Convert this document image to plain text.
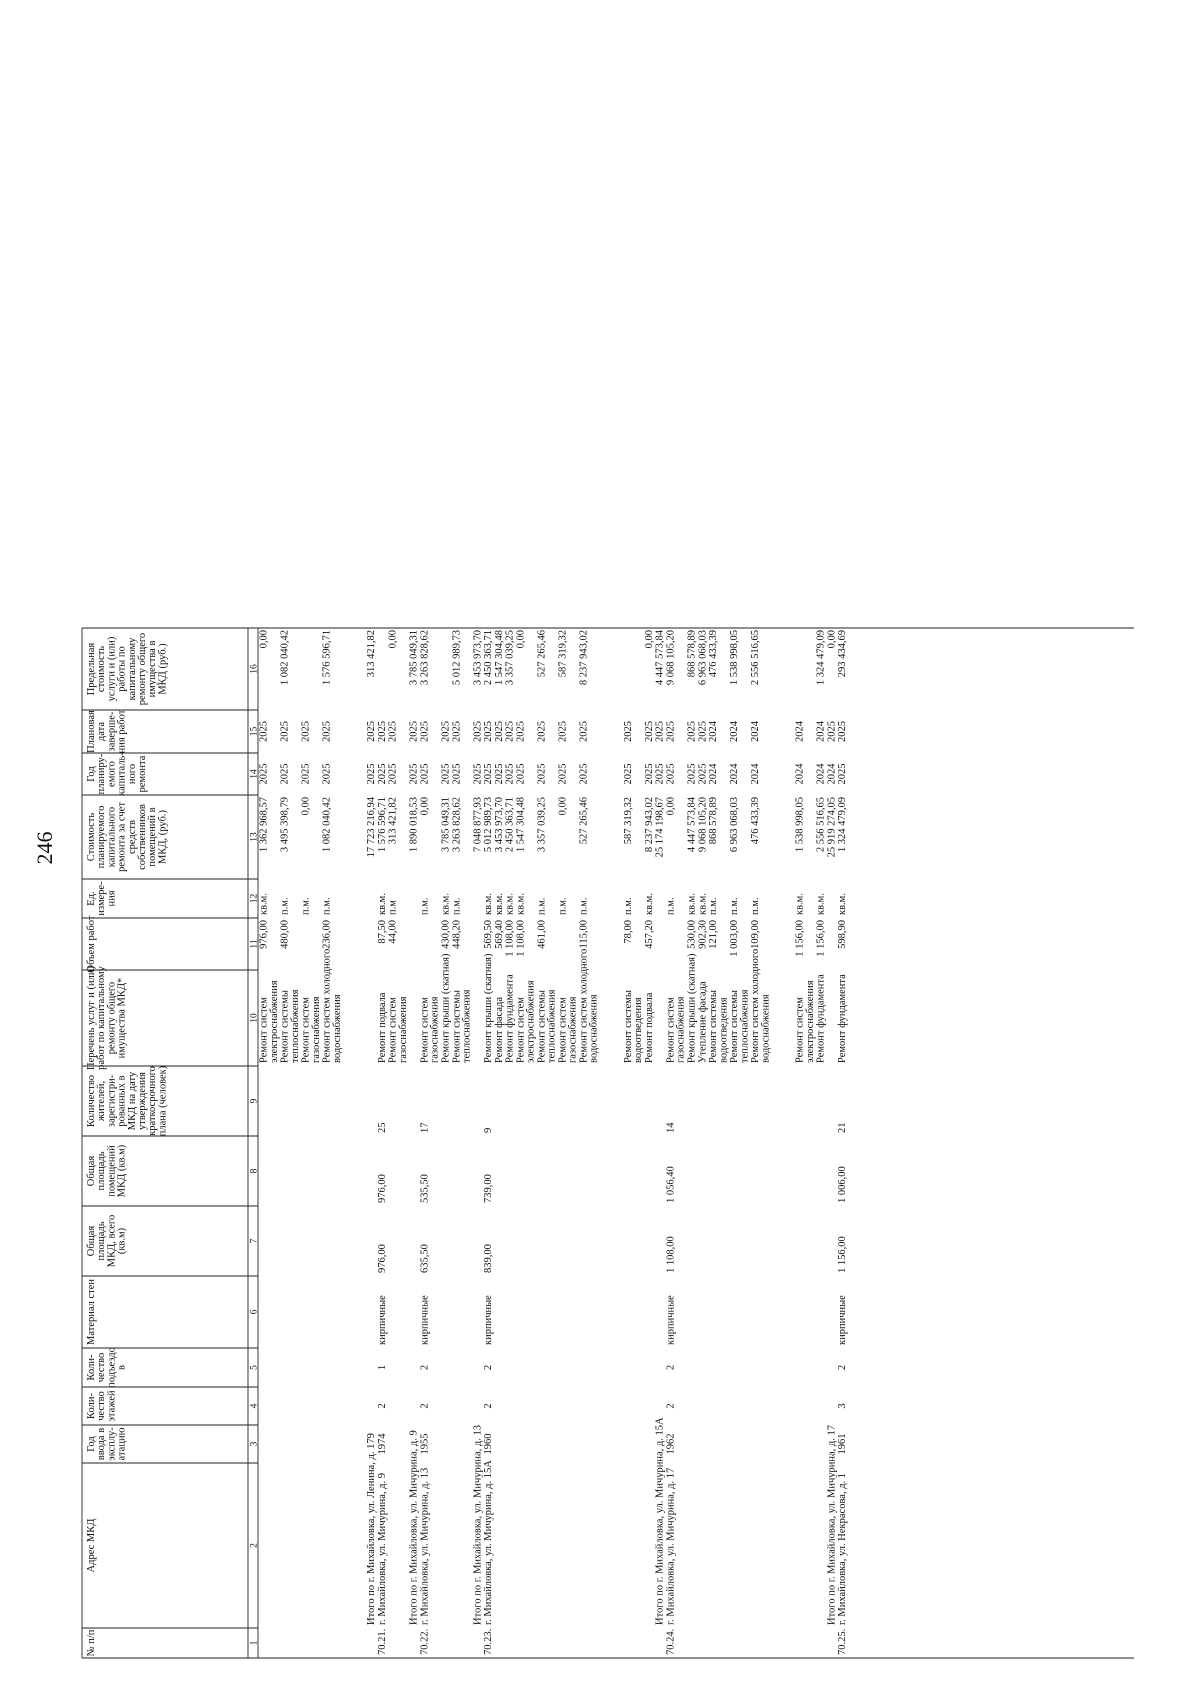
246
№ п/п
Адрес МКД
Год ввода в эксплу- атацию
Коли- чество этажей
Коли- чество подъездо в
Материал стен
Общая площадь МКД, всего (кв.м)
Общая площадь помещений МКД (кв.м)
Количество жителей, зарегистри- рованных в МКД на дату утверждения краткосрочного плана (человек)
Перечень услуг и (или) работ по капитальному ремонту общего имущества МКД*
Объем работ
Ед. измере- ния
Стоимость планируемого капитального ремонта за счет средств собственников помещений в МКД, (руб.)
Год планиру- емого капиталь- ного ремонта
Плановая дата заверше- ния работ
Предельная стоимость услуги и (или) работы по капитальному ремонту общего имущества в МКД (руб.)
1
2
3
4
5
6
7
8
9
10
11
12
13
14
15
16
Ремонт систем
976,00
кв.м.
1 362 968,57
2025
2025
0,00
электроснабжения Ремонт системы
480,00
п.м.
3 495 398,79
2025
2025
1 082 040,42
теплоснабжения Ремонт систем
п.м.
0,00
2025
2025
газоснабжения Ремонт систем холодного
236,00
п.м.
1 082 040,42
2025
2025
1 576 596,71
водоснабжения
Итого по г. Михайловка, ул. Ленина, д. 179
17 723 216,94
2025
2025
313 421,82
70.21.
г. Михайловка, ул. Мичурина, д. 9
1974
2
1
кирпичные
976,00
976,00
25
Ремонт подвала
87,50
кв.м.
1 576 596,71
2025
2025
Ремонт систем
44,00
п.м
313 421,82
2025
2025
0,00
газоснабжения
Итого по г. Михайловка, ул. Мичурина, д. 9
1 890 018,53
2025
2025
3 785 049,31
70.22.
г. Михайловка, ул. Мичурина, д. 13
1955
2
2
кирпичные
635,50
535,50
17
Ремонт систем
п.м.
0,00
2025
2025
3 263 828,62
газоснабжения Ремонт крыши (скатная)
430,00
кв.м.
3 785 049,31
2025
2025
Ремонт системы
448,20
п.м.
3 263 828,62
2025
2025
5 012 989,73
теплоснабжения
Итого по г. Михайловка, ул. Мичурина, д. 13
7 048 877,93
2025
2025
3 453 973,70
70.23.
г. Михайловка, ул. Мичурина, д. 15А
1960
2
2
кирпичные
839,00
739,00
9
Ремонт крыши (скатная)
569,50
кв.м.
5 012 989,73
2025
2025
2 450 363,71
Ремонт фасада
569,40
кв.м.
3 453 973,70
2025
2025
1 547 304,48
Ремонт фундамента
1 108,00
кв.м.
2 450 363,71
2025
2025
3 357 039,25
Ремонт систем
1 108,00
кв.м.
1 547 304,48
2025
2025
0,00
электроснабжения Ремонт системы
461,00
п.м.
3 357 039,25
2025
2025
527 265,46
теплоснабжения Ремонт систем
п.м.
0,00
2025
2025
587 319,32
газоснабжения Ремонт систем холодного
115,00
п.м.
527 265,46
2025
2025
8 237 943,02
водоснабжения Ремонт системы
78,00
п.м.
587 319,32
2025
2025
водоотведения Ремонт подвала
457,20
кв.м.
8 237 943,02
2025
2025
0,00
Итого по г. Михайловка, ул. Мичурина, д. 15А
25 174 198,67
2025
2025
4 447 573,84
70.24.
г. Михайловка, ул. Мичурина, д. 17
1962
2
2
кирпичные
1 108,00
1 056,40
14
Ремонт систем
п.м.
0,00
2025
2025
9 068 105,20
газоснабжения Ремонт крыши (скатная)
530,00
кв.м.
4 447 573,84
2025
2025
868 578,89
Утепление фасада
902,30
кв.м.
9 068 105,20
2025
2025
6 963 068,03
Ремонт системы
121,00
п.м.
868 578,89
2024
2024
476 433,39
водоотведения Ремонт системы
1 003,00
п.м.
6 963 068,03
2024
2024
1 538 998,05
теплоснабжения Ремонт систем холодного
109,00
п.м.
476 433,39
2024
2024
2 556 516,65
водоснабжения Ремонт систем
1 156,00
кв.м.
1 538 998,05
2024
2024
электроснабжения Ремонт фундамента
1 156,00
кв.м.
2 556 516,65
2024
2024
1 324 479,09
Итого по г. Михайловка, ул. Мичурина, д. 17
25 919 274,05
2024
2025
0,00
70.25.
г. Михайловка, ул. Некрасова, д. 1
1961
3
2
кирпичные
1 156,00
1 006,00
21
Ремонт фундамента
598,90
кв.м.
1 324 479,09
2025
2025
293 434,69
